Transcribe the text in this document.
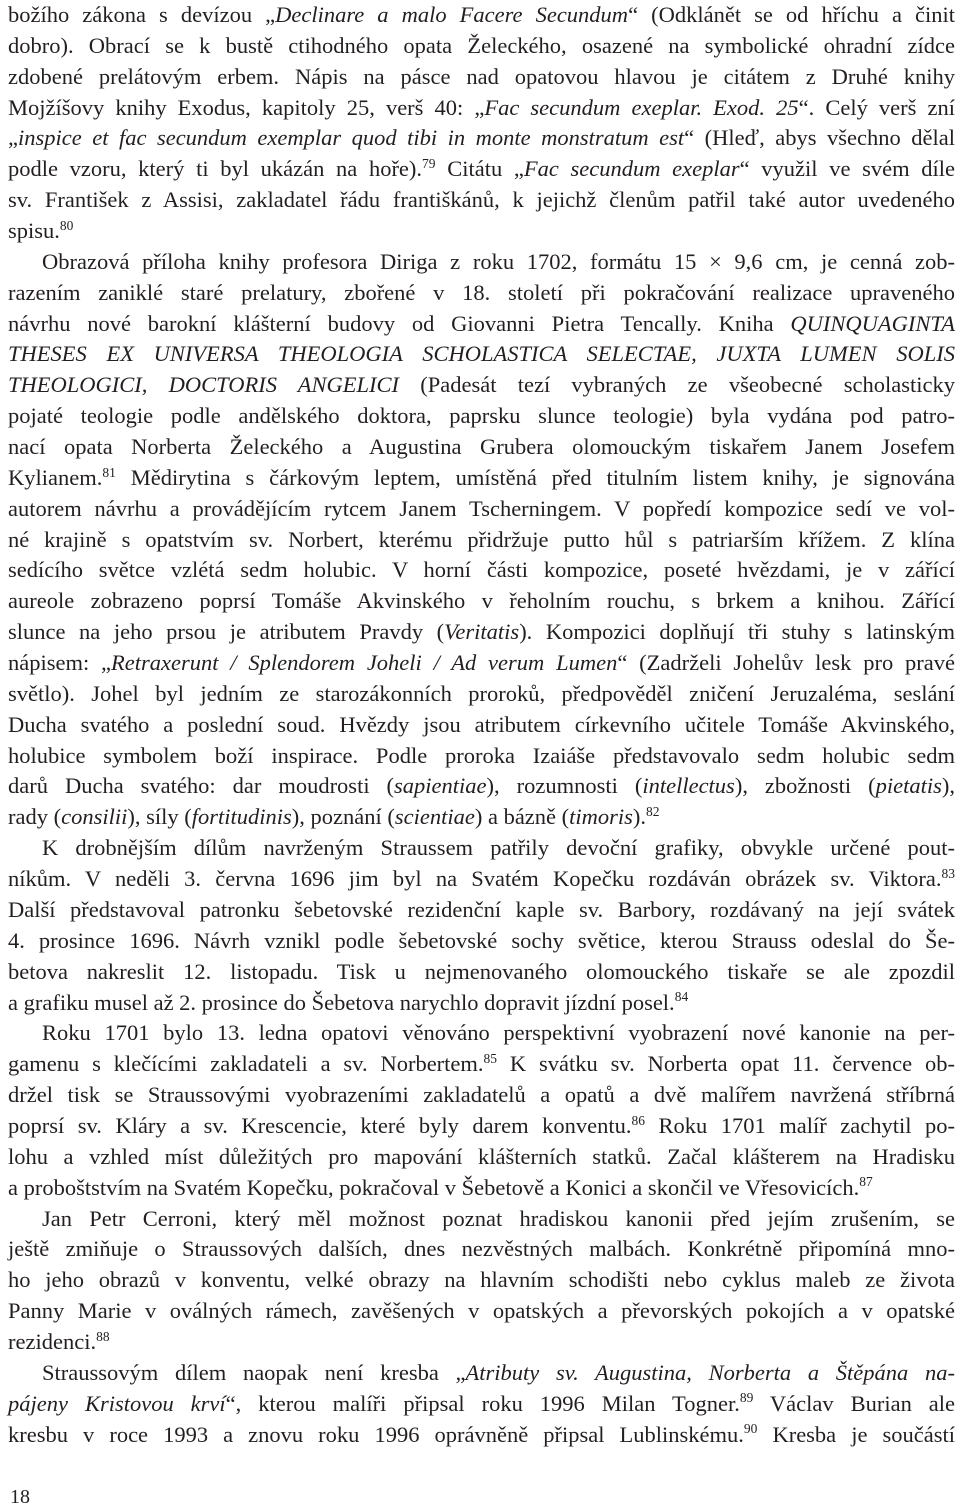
božího zákona s devízou „Declinare a malo Facere Secundum“ (Odklánět se od hříchu a činit
dobro). Obrací se k bustě ctihodného opata Želeckého, osazené na symbolické ohradní zídce
zdobené prelátovým erbem. Nápis na pásce nad opatovou hlavou je citátem z Druhé knihy
Mojžíšovy knihy Exodus, kapitoly 25, verš 40: „Fac secundum exeplar. Exod. 25“. Celý verš zní
„inspice et fac secundum exemplar quod tibi in monte monstratum est“ (Hleď, abys všechno dělal
podle vzoru, který ti byl ukázán na hoře).$^{79}$ Citátu „Fac secundum exeplar“ využil ve svém díle
sv. František z Assisi, zakladatel řádu františkánů, k jejichž členům patřil také autor uvedeného
spisu.$^{80}$
Obrazová příloha knihy profesora Diriga z roku 1702, formátu 15 × 9,6 cm, je cenná zob-
razením zaniklé staré prelatury, zbořené v 18. století při pokračování realizace upraveného
návrhu nové barokní klášterní budovy od Giovanni Pietra Tencally. Kniha QUINQUAGINTA
THESES EX UNIVERSA THEOLOGIA SCHOLASTICA SELECTAE, JUXTA LUMEN SOLIS
THEOLOGICI, DOCTORIS ANGELICI (Padesát tezí vybraných ze všeobecné scholasticky
pojaté teologie podle andělského doktora, paprsku slunce teologie) byla vydána pod patro-
nací opata Norberta Želeckého a Augustina Grubera olomouckým tiskařem Janem Josefem
Kylianem.$^{81}$ Mědirytina s čárkovým leptem, umístěná před titulním listem knihy, je signována
autorem návrhu a provádějícím rytcem Janem Tscherningem. V popředí kompozice sedí ve vol-
né krajině s opatstvím sv. Norbert, kterému přidržuje putto hůl s patriarším křížem. Z klína
sedícího světce vzlétá sedm holubic. V horní části kompozice, poseté hvězdami, je v zářící
aureole zobrazeno poprsí Tomáše Akvinského v řeholním rouchu, s brkem a knihou. Zářící
slunce na jeho prsou je atributem Pravdy (Veritatis). Kompozici doplňují tři stuhy s latinským
nápisem: „Retraxerunt / Splendorem Joheli / Ad verum Lumen“ (Zadrželi Johelův lesk pro pravé
světlo). Johel byl jedním ze starozákonních proroků, předpověděl zničení Jeruzaléma, seslání
Ducha svatého a poslední soud. Hvězdy jsou atributem církevního učitele Tomáše Akvinského,
holubice symbolem boží inspirace. Podle proroka Izaiáše představovalo sedm holubic sedm
darů Ducha svatého: dar moudrosti (sapientiae), rozumnosti (intellectus), zbožnosti (pietatis),
rady (consilii), síly (fortitudinis), poznání (scientiae) a bázně (timoris).$^{82}$
K drobnějším dílům navrženým Straussem patřily devoční grafiky, obvykle určené pout-
níkům. V neděli 3. června 1696 jim byl na Svatém Kopečku rozdáván obrázek sv. Viktora.$^{83}$
Další představoval patronku šebetovské rezidenční kaple sv. Barbory, rozdávaný na její svátek
4. prosince 1696. Návrh vznikl podle šebetovské sochy světice, kterou Strauss odeslal do Še-
betova nakreslit 12. listopadu. Tisk u nejmenovaného olomouckého tiskaře se ale zpozdil
a grafiku musel až 2. prosince do Šebetova narychlo dopravit jízdní posel.$^{84}$
Roku 1701 bylo 13. ledna opatovi věnováno perspektivní vyobrazení nové kanonie na per-
gamenu s klečícími zakladateli a sv. Norbertem.$^{85}$ K svátku sv. Norberta opat 11. července ob-
držel tisk se Straussovými vyobrazeními zakladatelů a opatů a dvě malířem navržená stříbrná
poprsí sv. Kláry a sv. Krescencie, které byly darem konventu.$^{86}$ Roku 1701 malíř zachytil po-
lohu a vzhled míst důležitých pro mapování klášterních statků. Začal klášterem na Hradisku
a proboštstvím na Svatém Kopečku, pokračoval v Šebetově a Konici a skončil ve Vřesovicích.$^{87}$
Jan Petr Cerroni, který měl možnost poznat hradiskou kanonii před jejím zrušením, se
ještě zmiňuje o Straussových dalších, dnes nezvěstných malbách. Konkrétně připomíná mno-
ho jeho obrazů v konventu, velké obrazy na hlavním schodišti nebo cyklus maleb ze života
Panny Marie v oválných rámech, zavěšených v opatských a převorských pokojích a v opatské
rezidenci.$^{88}$
Straussovým dílem naopak není kresba „Atributy sv. Augustina, Norberta a Štěpána na-
pájeny Kristovou krví“, kterou malíři připsal roku 1996 Milan Togner.$^{89}$ Václav Burian ale
kresbu v roce 1993 a znovu roku 1996 oprávněně připsal Lublinskému.$^{90}$ Kresba je součástí
18
